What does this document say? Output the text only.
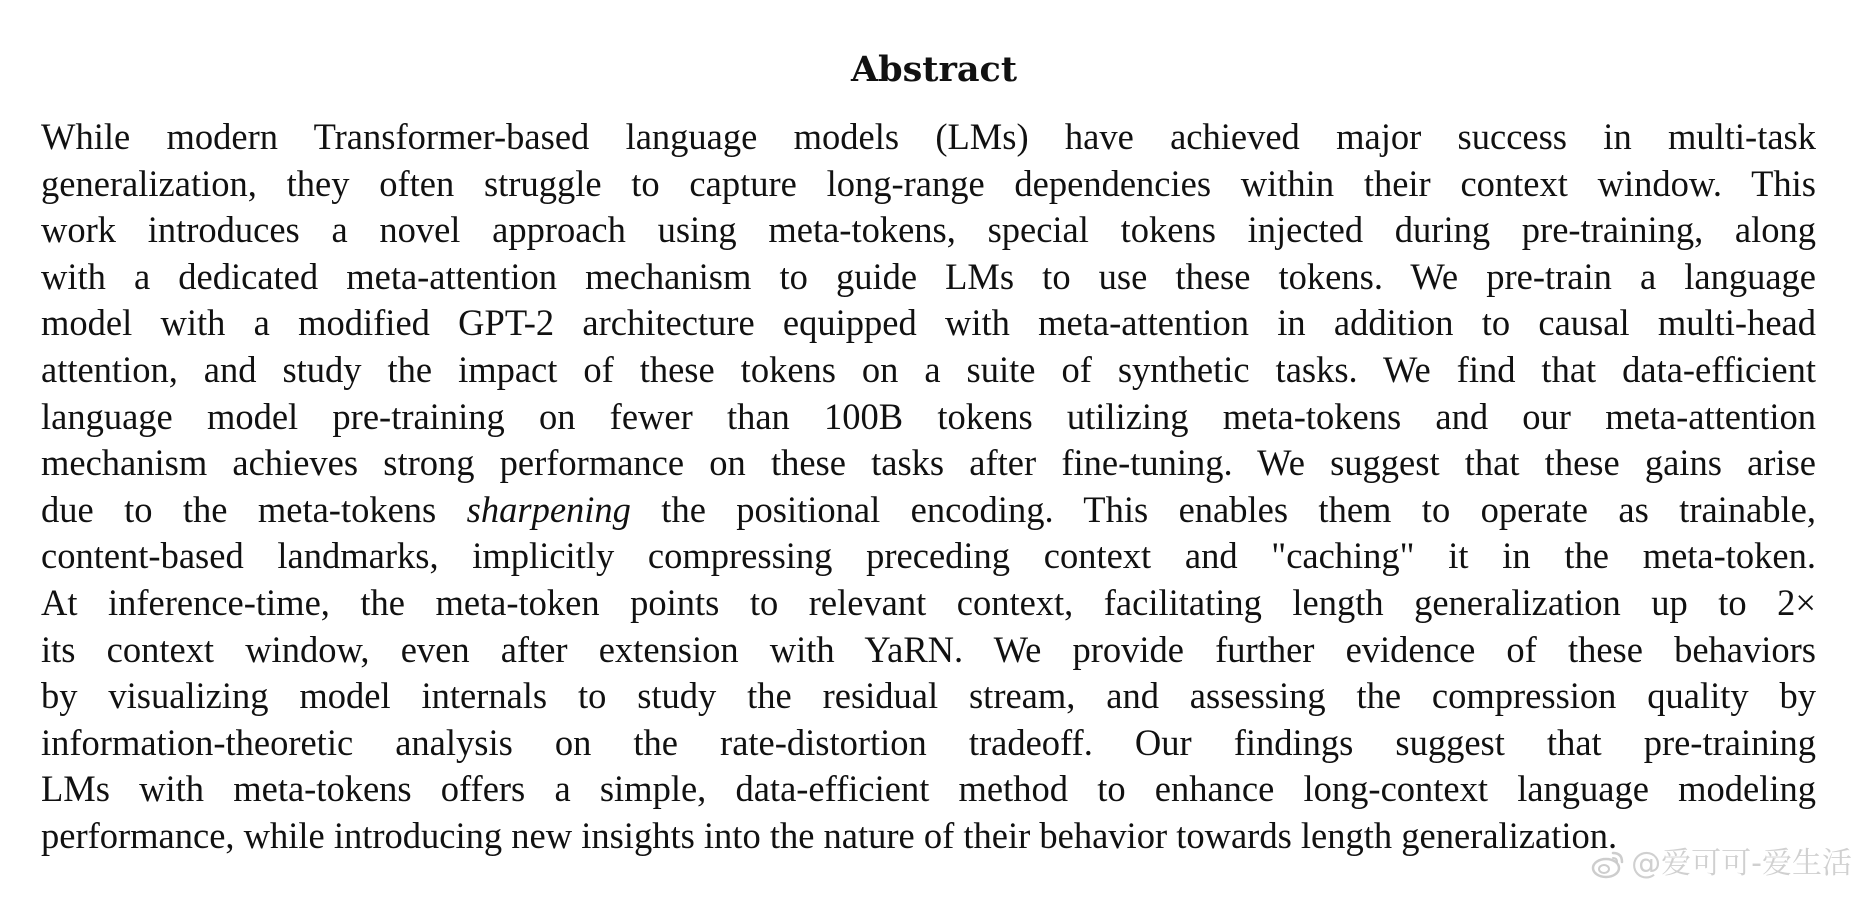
Abstract
While modern Transformer-based language models (LMs) have achieved major success in multi-task
generalization, they often struggle to capture long-range dependencies within their context window. This
work introduces a novel approach using meta-tokens, special tokens injected during pre-training, along
with a dedicated meta-attention mechanism to guide LMs to use these tokens. We pre-train a language
model with a modified GPT-2 architecture equipped with meta-attention in addition to causal multi-head
attention, and study the impact of these tokens on a suite of synthetic tasks. We find that data-efficient
language model pre-training on fewer than 100B tokens utilizing meta-tokens and our meta-attention
mechanism achieves strong performance on these tasks after fine-tuning. We suggest that these gains arise
due to the meta-tokens sharpening the positional encoding. This enables them to operate as trainable,
content-based landmarks, implicitly compressing preceding context and "caching" it in the meta-token.
At inference-time, the meta-token points to relevant context, facilitating length generalization up to 2×
its context window, even after extension with YaRN. We provide further evidence of these behaviors
by visualizing model internals to study the residual stream, and assessing the compression quality by
information-theoretic analysis on the rate-distortion tradeoff. Our findings suggest that pre-training
LMs with meta-tokens offers a simple, data-efficient method to enhance long-context language modeling
performance, while introducing new insights into the nature of their behavior towards length generalization.
@爱可可-爱生活
